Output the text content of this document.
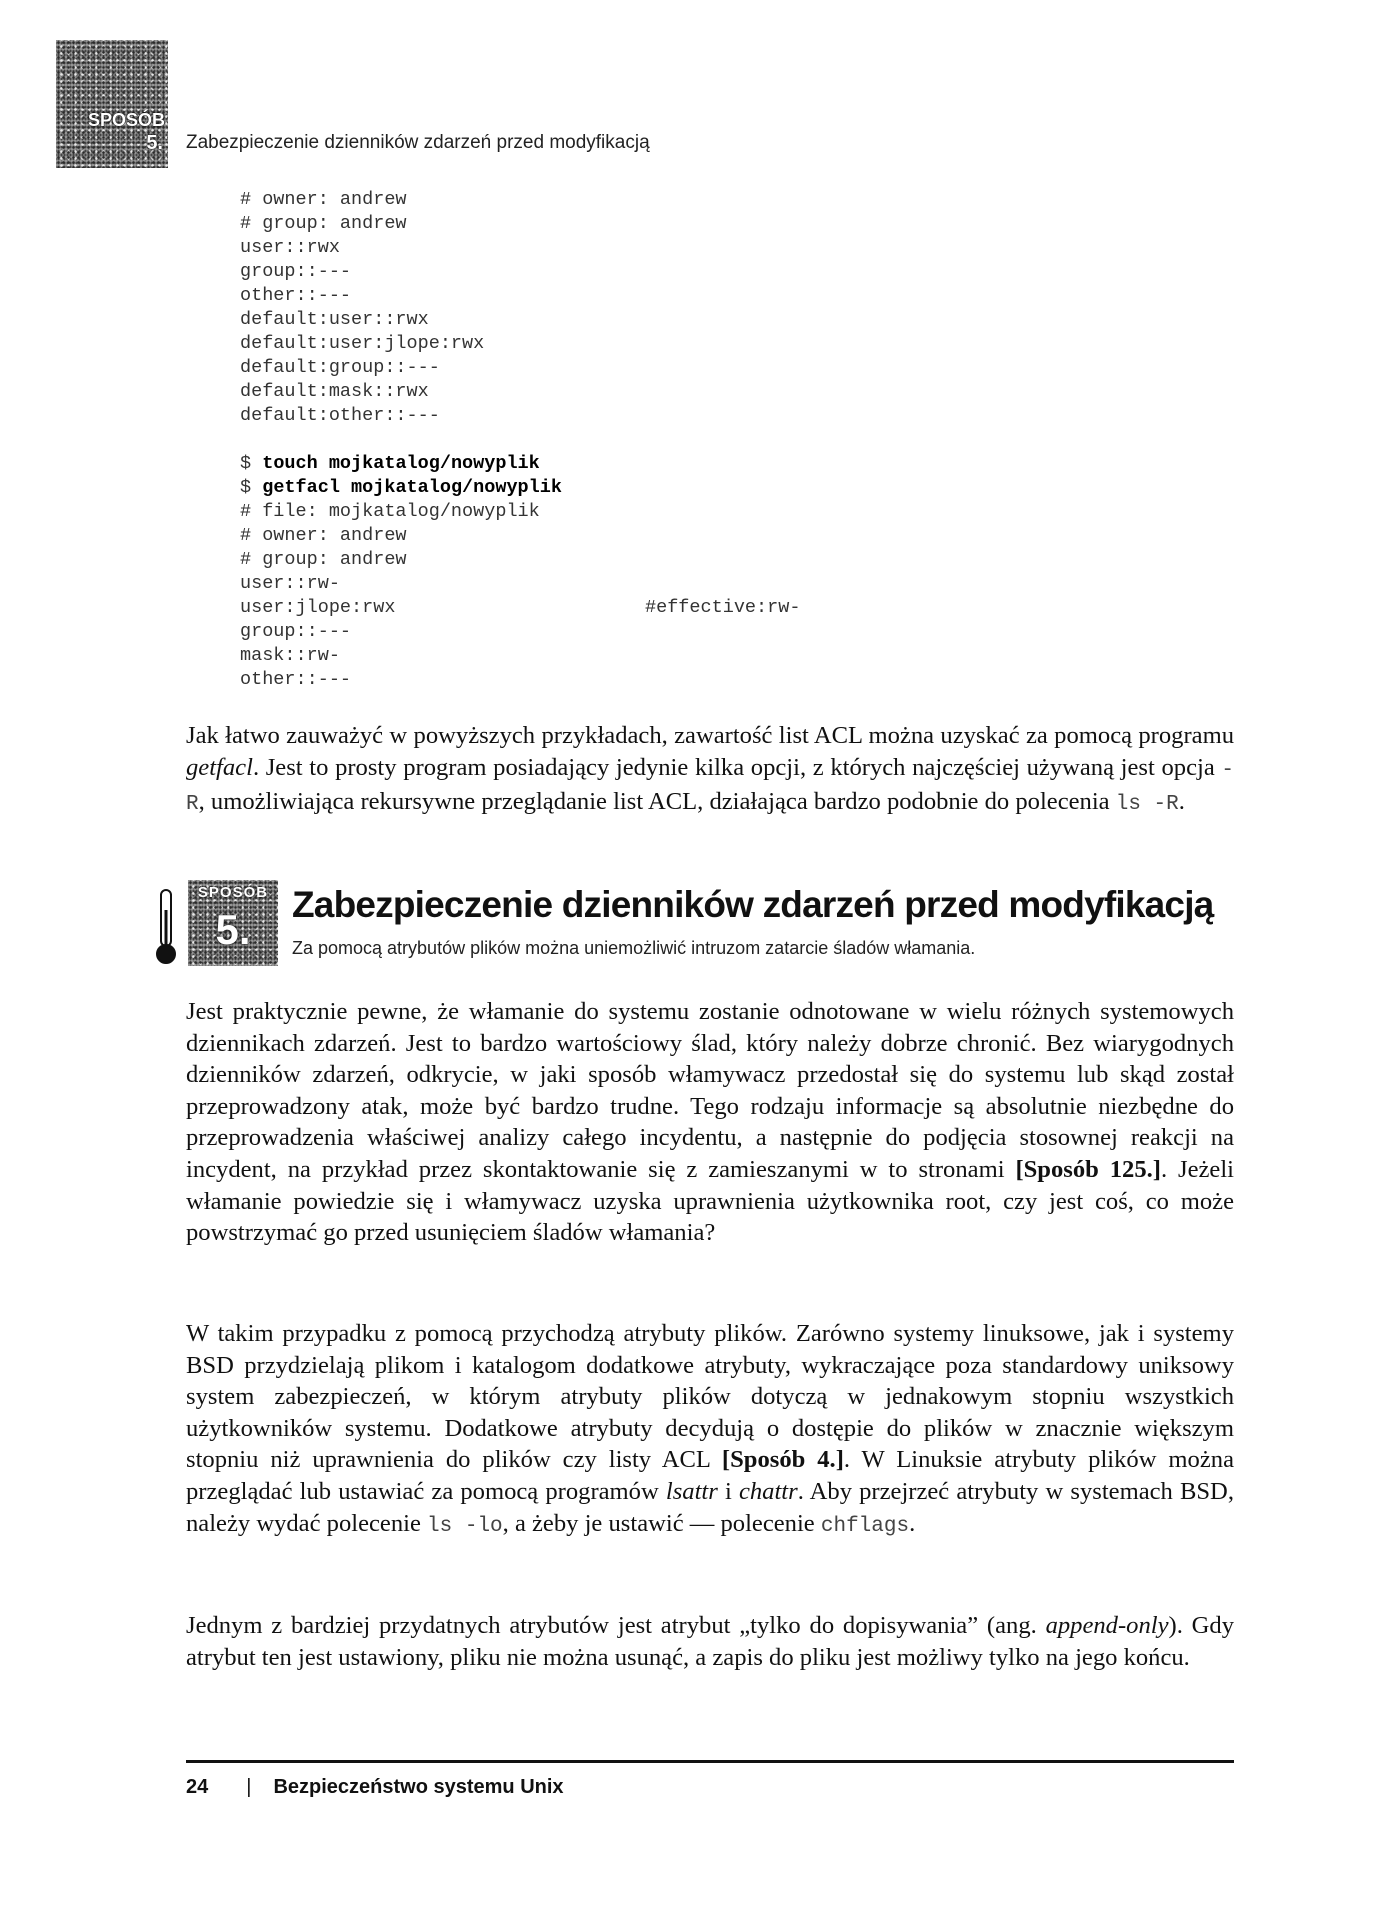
SPOSÓB
5. Zabezpieczenie dzienników zdarzeń przed modyfikacją
# owner: andrew
# group: andrew
user::rwx
group::---
other::---
default:user::rwx
default:user:jlope:rwx
default:group::---
default:mask::rwx
default:other::---
$ touch mojkatalog/nowyplik
$ getfacl mojkatalog/nowyplik
# file: mojkatalog/nowyplik
# owner: andrew
# group: andrew
user::rw-
user:jlope:rwx	#effective:rw-
group::---
mask::rw-
other::---
Jak łatwo zauważyć w powyższych przykładach, zawartość list ACL można uzyskać za pomocą programu getfacl. Jest to prosty program posiadający jedynie kilka opcji, z których najczęściej używaną jest opcja -R, umożliwiająca rekursywne przeglądanie list ACL, działająca bardzo podobnie do polecenia ls -R.
SPOSÓB
5.
Zabezpieczenie dzienników zdarzeń przed modyfikacją
Za pomocą atrybutów plików można uniemożliwić intruzom zatarcie śladów włamania.
Jest praktycznie pewne, że włamanie do systemu zostanie odnotowane w wielu różnych systemowych dziennikach zdarzeń. Jest to bardzo wartościowy ślad, który należy dobrze chronić. Bez wiarygodnych dzienników zdarzeń, odkrycie, w jaki sposób włamywacz przedostał się do systemu lub skąd został przeprowadzony atak, może być bardzo trudne. Tego rodzaju informacje są absolutnie niezbędne do przeprowadzenia właściwej analizy całego incydentu, a następnie do podjęcia stosownej reakcji na incydent, na przykład przez skontaktowanie się z zamieszanymi w to stronami [Sposób 125.]. Jeżeli włamanie powiedzie się i włamywacz uzyska uprawnienia użytkownika root, czy jest coś, co może powstrzymać go przed usunięciem śladów włamania?
W takim przypadku z pomocą przychodzą atrybuty plików. Zarówno systemy linuksowe, jak i systemy BSD przydzielają plikom i katalogom dodatkowe atrybuty, wykraczające poza standardowy uniksowy system zabezpieczeń, w którym atrybuty plików dotyczą w jednakowym stopniu wszystkich użytkowników systemu. Dodatkowe atrybuty decydują o dostępie do plików w znacznie większym stopniu niż uprawnienia do plików czy listy ACL [Sposób 4.]. W Linuksie atrybuty plików można przeglądać lub ustawiać za pomocą programów lsattr i chattr. Aby przejrzeć atrybuty w systemach BSD, należy wydać polecenie ls -lo, a żeby je ustawić — polecenie chflags.
Jednym z bardziej przydatnych atrybutów jest atrybut „tylko do dopisywania” (ang. append-only). Gdy atrybut ten jest ustawiony, pliku nie można usunąć, a zapis do pliku jest możliwy tylko na jego końcu.
24 | Bezpieczeństwo systemu Unix
